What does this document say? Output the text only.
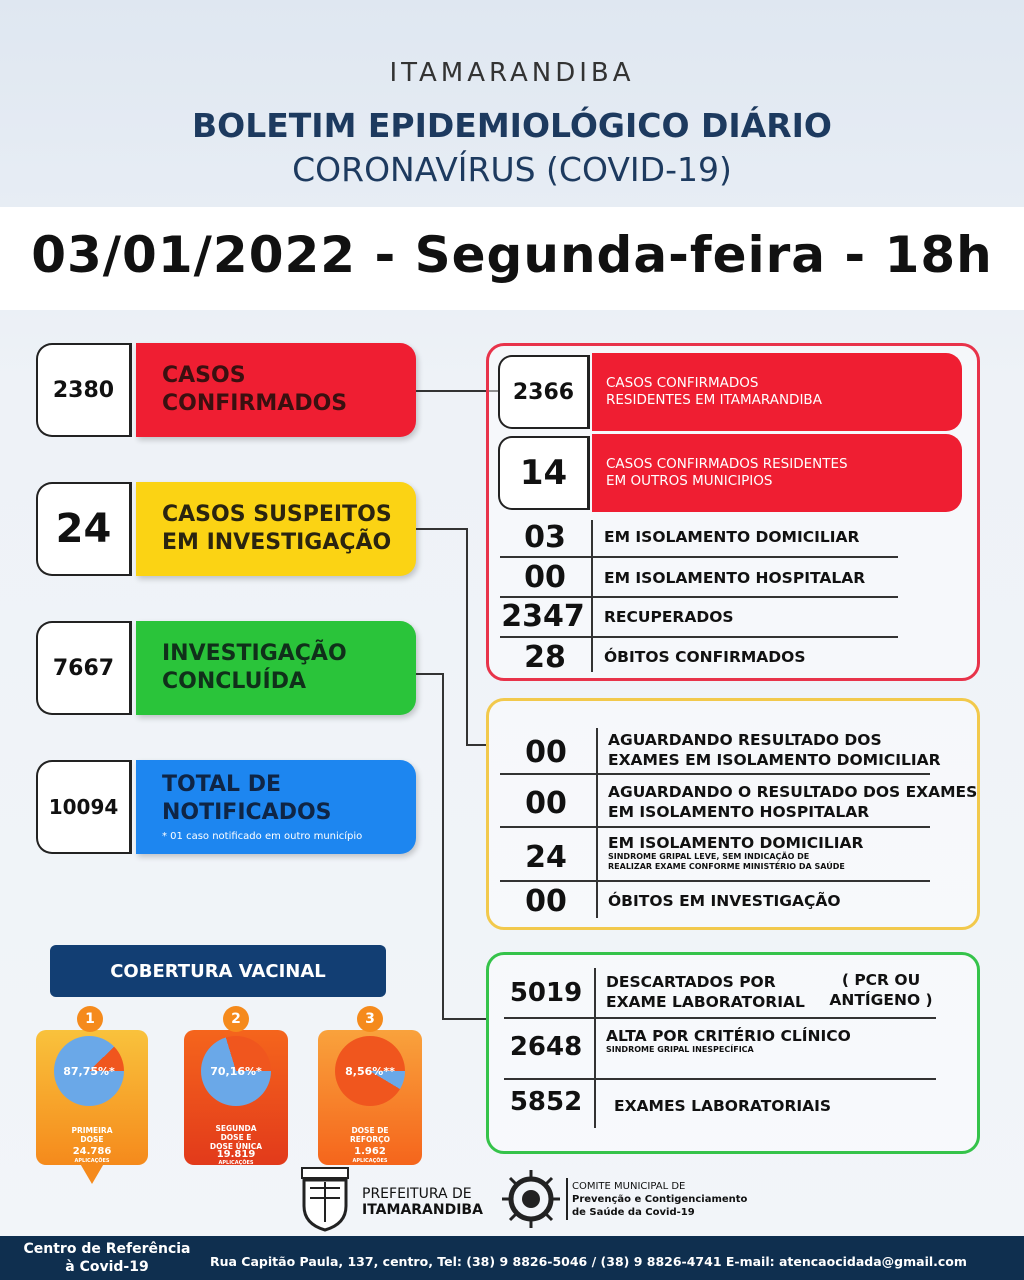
ITAMARANDIBA
BOLETIM EPIDEMIOLÓGICO DIÁRIO
CORONAVÍRUS (COVID-19)
03/01/2022 - Segunda-feira - 18h
2380
CASOS
CONFIRMADOS
24	CASOS SUSPEITOS
EM INVESTIGAÇÃO
7667
INVESTIGAÇÃO
CONCLUÍDA
10094
TOTAL DE
NOTIFICADOS
* 01 caso notificado em outro município
2366	CASOS CONFIRMADOS
RESIDENTES EM ITAMARANDIBA
14	CASOS CONFIRMADOS RESIDENTES
EM OUTROS MUNICIPIOS
03	EM ISOLAMENTO DOMICILIAR
00	EM ISOLAMENTO HOSPITALAR
2347	RECUPERADOS
28	ÓBITOS CONFIRMADOS
00	AGUARDANDO RESULTADO DOS
EXAMES EM ISOLAMENTO DOMICILIAR
00	AGUARDANDO O RESULTADO DOS EXAMES
EM ISOLAMENTO HOSPITALAR
24	EM ISOLAMENTO DOMICILIAR
SINDROME GRIPAL LEVE, SEM INDICAÇÃO DE
REALIZAR EXAME CONFORME MINISTÉRIO DA SAÚDE
00	ÓBITOS EM INVESTIGAÇÃO
5019	DESCARTADOS POR
EXAME LABORATORIAL
( PCR OU
ANTÍGENO )
2648	ALTA POR CRITÉRIO CLÍNICO
SINDROME GRIPAL INESPECÍFICA
5852	EXAMES LABORATORIAIS
COBERTURA VACINAL
1
87,75%*
PRIMEIRA
DOSE
24.786
APLICAÇÕES
2
70,16%*
SEGUNDA
DOSE E
DOSE ÚNICA
19.819
APLICAÇÕES
3
8,56%**
DOSE DE
REFORÇO
1.962
APLICAÇÕES
PREFEITURA DE
ITAMARANDIBA
COMITE MUNICIPAL DE
Prevenção e Contigenciamento
de Saúde da Covid-19
Centro de Referência
à Covid-19	Rua Capitão Paula, 137, centro, Tel: (38) 9 8826-5046 / (38) 9 8826-4741 E-mail: atencaocidada@gmail.com
